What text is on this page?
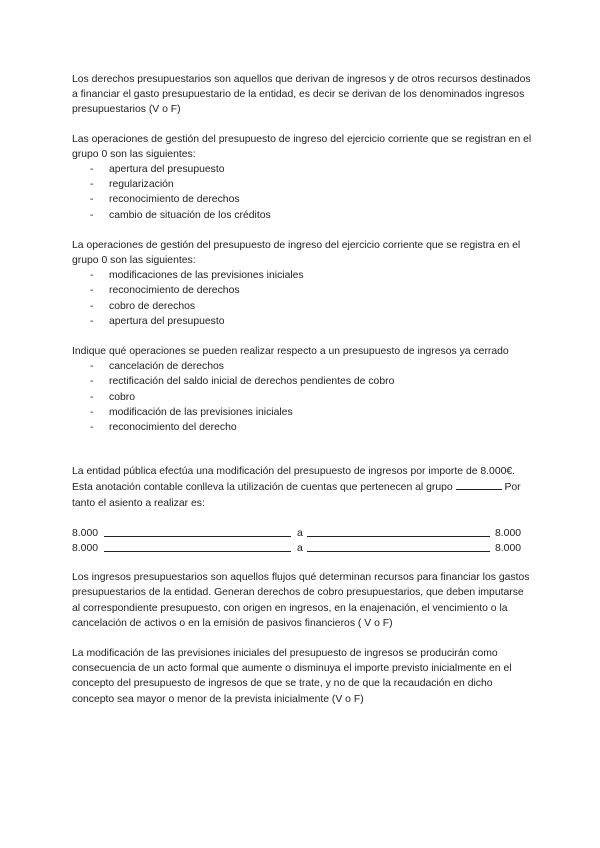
Los derechos presupuestarios son aquellos que derivan de ingresos y de otros recursos destinados a financiar el gasto presupuestario de la entidad, es decir se derivan de los denominados ingresos presupuestarios (V o F)

Las operaciones de gestión del presupuesto de ingreso del ejercicio corriente que se registran en el grupo 0 son las siguientes:

- apertura del presupuesto
- regularización
- reconocimiento de derechos
- cambio de situación de los créditos

La operaciones de gestión del presupuesto de ingreso del ejercicio corriente que se registra en el grupo 0 son las siguientes:

- modificaciones de las previsiones iniciales
- reconocimiento de derechos
- cobro de derechos
- apertura del presupuesto

Indique qué operaciones se pueden realizar respecto a un presupuesto de ingresos ya cerrado

- cancelación de derechos
- rectificación del saldo inicial de derechos pendientes de cobro
- cobro
- modificación de las previsiones iniciales
- reconocimiento del derecho

La entidad pública efectúa una modificación del presupuesto de ingresos por importe de 8.000€. Esta anotación contable conlleva la utilización de cuentas que pertenecen al grupo	Por tanto el asiento a realizar es:

8.000	a	8.000
8.000	a	8.000

Los ingresos presupuestarios son aquellos flujos qué determinan recursos para financiar los gastos presupuestarios de la entidad. Generan derechos de cobro presupuestarios, que deben imputarse al correspondiente presupuesto, con origen en ingresos, en la enajenación, el vencimiento o la cancelación de activos o en la emisión de pasivos financieros ( V o F)

La modificación de las previsiones iniciales del presupuesto de ingresos se producirán como consecuencia de un acto formal que aumente o disminuya el importe previsto inicialmente en el concepto del presupuesto de ingresos de que se trate, y no de que la recaudación en dicho concepto sea mayor o menor de la prevista inicialmente (V o F)
